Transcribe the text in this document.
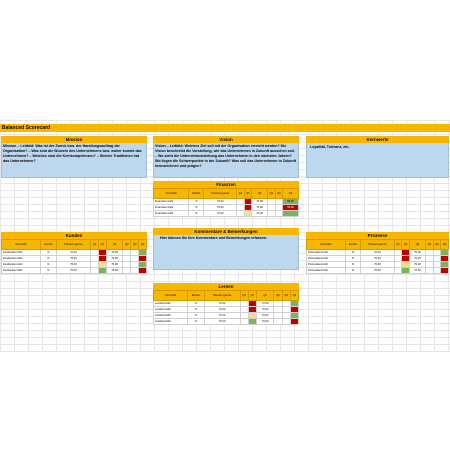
Balanced Scorecard
Mission
Mission – Leitbild: Was ist der Zweck bzw. der Handlungsauftrag der Organisation? – Was sind die Wurzeln des Unternehmens bzw. woher kommt das Unternehmen? – Welches sind die Kernkompetenzen? – Welche Traditionen hat das Unternehmen?
Vision
Vision – Leitbild: Welches Ziel soll mit der Organisation erreicht werden? Die Vision beschreibt die Vorstellung, wie das Unternehmen in Zukunft aussehen soll. – Wo sieht die Unternehmensleitung das Unternehmen in den nächsten Jahren? Wo liegen die Schwerpunkte in der Zukunft? Was soll das Unternehmen in Zukunft kennzeichnen und prägen?
Kernwerte
Loyalität, Toleranz, etc.
Finanzen
Kennzahl	Einheit	Toleranz-grenze	Q1	Q1	Q2	Q2	Q3	Q3
Finanzkennzahl	%	70,00			70,00			90,00
Finanzkennzahl	%	70,00			70,00			50,00
Finanzkennzahl	%	70,00			70,00			
Kommentare & Bemerkungen
Hier können Sie Ihre Kommentare und Bemerkungen erfassen.
Kunden
Kennzahl	Einheit	Toleranz-grenze	Q1	Q1	Q2	Q2	Q3	Q3
Kundenkennzahl	%	70,00			70,00			
Kundenkennzahl	%	70,00			70,00			
Kundenkennzahl	%	70,00			70,00			
Kundenkennzahl	%	70,00			70,00			
Prozesse
Kennzahl	Einheit	Toleranz-grenze	Q1	Q1	Q2	Q2	Q3	Q3
Prozesskennzahl	%	70,00			70,00			
Prozesskennzahl	%	70,00			70,00			
Prozesskennzahl	%	70,00			70,00			
Prozesskennzahl	%	70,00			70,00			
Lernen
Kennzahl	Einheit	Toleranz-grenze	Q1	Q1	Q2	Q2	Q3	Q3
Lernkennzahl	%	70,00			70,00			
Lernkennzahl	%	70,00			70,00			
Lernkennzahl	%	70,00			70,00			
Lernkennzahl	%	70,00			70,00			
